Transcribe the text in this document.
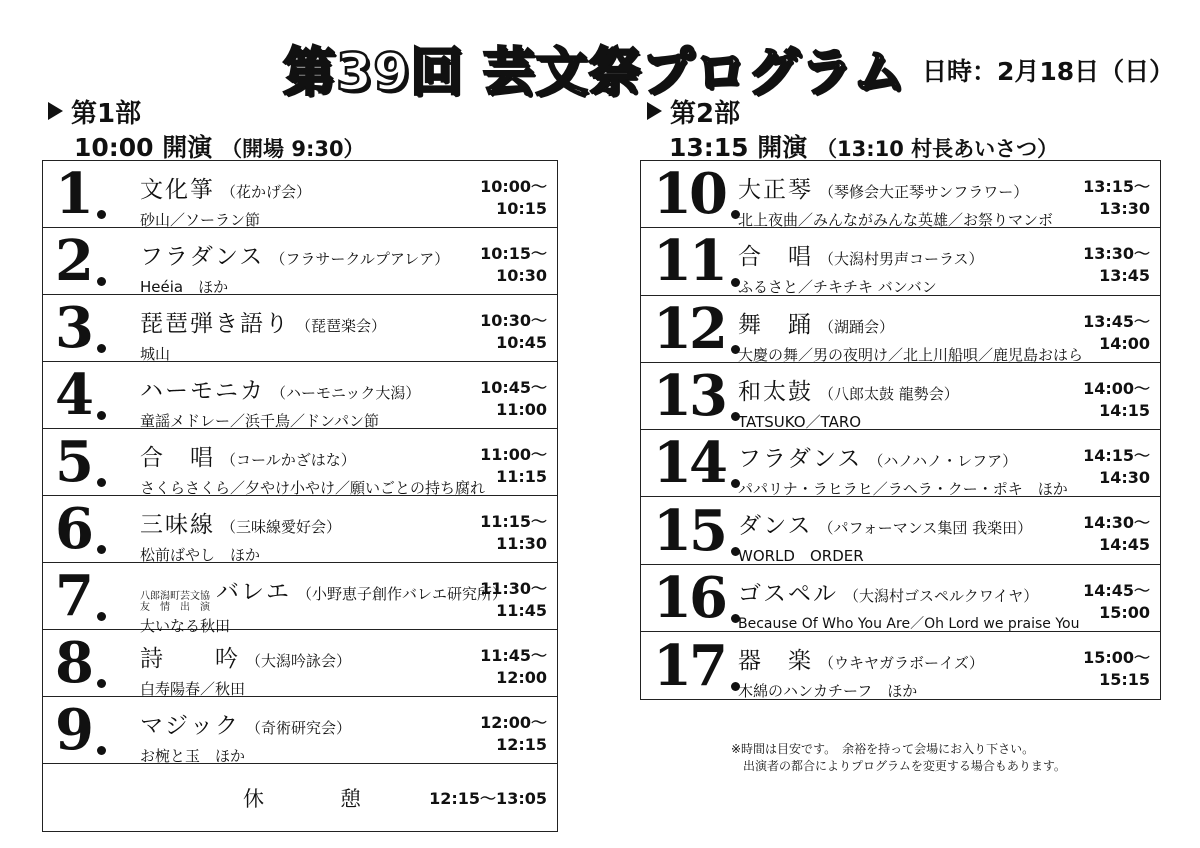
第39回 芸文祭プログラム 日時：2月18日（日）
第1部
10:00 開演 （開場 9:30）
第2部
13:15 開演 （13:10 村長あいさつ）
1 文化箏 （花かげ会）
砂山／ソーラン節
10:00〜
10:15
2 フラダンス （フラサークルプアレア）
Heéia　ほか
10:15〜
10:30
3 琵琶弾き語り （琵琶楽会）
城山
10:30〜
10:45
4 ハーモニカ （ハーモニック大潟）
童謡メドレー／浜千鳥／ドンパン節
10:45〜
11:00
5 合　唱 （コールかざはな）
さくらさくら／夕やけ小やけ／願いごとの持ち腐れ
11:00〜
11:15
6 三味線 （三味線愛好会）
松前ばやし　ほか
11:15〜
11:30
7	八郎潟町芸文協
友　情　出　演
バレエ （小野恵子創作バレエ研究所）
大いなる秋田
11:30〜
11:45
8 詩　　吟 （大潟吟詠会）
白寿陽春／秋田
11:45〜
12:00
9 マジック （奇術研究会）
お椀と玉　ほか
12:00〜
12:15
休憩
12:15〜13:05
10 大正琴 （琴修会大正琴サンフラワー）
北上夜曲／みんながみんな英雄／お祭りマンボ
13:15〜
13:30
11 合　唱 （大潟村男声コーラス）
ふるさと／チキチキ バンバン
13:30〜
13:45
12 舞　踊 （湖踊会）
大慶の舞／男の夜明け／北上川船唄／鹿児島おはら
13:45〜
14:00
13 和太鼓 （八郎太鼓 龍勢会）
TATSUKO／TARO
14:00〜
14:15
14 フラダンス （ハノハノ・レフア）
パパリナ・ラヒラヒ／ラヘラ・クー・ポキ　ほか
14:15〜
14:30
15 ダンス （パフォーマンス集団 我楽田）
WORLD　ORDER
14:30〜
14:45
16 ゴスペル （大潟村ゴスペルクワイヤ）
Because Of Who You Are／Oh Lord we praise You
14:45〜
15:00
17 器　楽 （ウキヤガラボーイズ）
木綿のハンカチーフ　ほか
15:00〜
15:15
※時間は目安です。　余裕を持って会場にお入り下さい。
出演者の都合によりプログラムを変更する場合もあります。
